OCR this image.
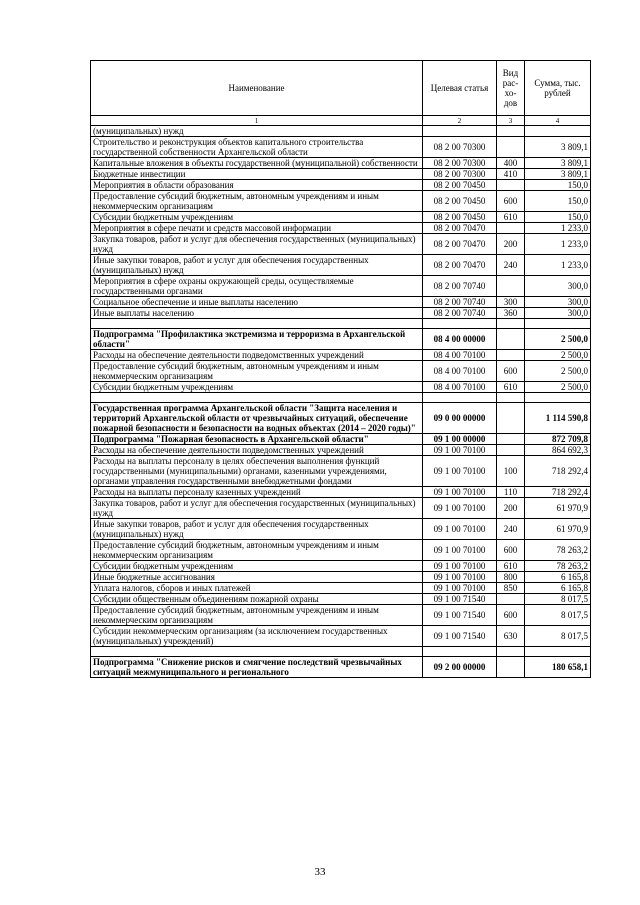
Наименование	Целевая статья	Вид рас- хо- дов	Сумма, тыс. рублей
1	2	3	4
(муниципальных) нужд			
Строительство и реконструкция объектов капитального строительства государственной собственности Архангельской области	08 2 00 70300		3 809,1
Капитальные вложения в объекты государственной (муниципальной) собственности	08 2 00 70300	400	3 809,1
Бюджетные инвестиции	08 2 00 70300	410	3 809,1
Мероприятия в области образования	08 2 00 70450		150,0
Предоставление субсидий бюджетным, автономным учреждениям и иным некоммерческим организациям	08 2 00 70450	600	150,0
Субсидии бюджетным учреждениям	08 2 00 70450	610	150,0
Мероприятия в сфере печати и средств массовой информации	08 2 00 70470		1 233,0
Закупка товаров, работ и услуг для обеспечения государственных (муниципальных) нужд	08 2 00 70470	200	1 233,0
Иные закупки товаров, работ и услуг для обеспечения государственных (муниципальных) нужд	08 2 00 70470	240	1 233,0
Мероприятия в сфере охраны окружающей среды, осуществляемые государственными органами	08 2 00 70740		300,0
Социальное обеспечение и иные выплаты населению	08 2 00 70740	300	300,0
Иные выплаты населению	08 2 00 70740	360	300,0

Подпрограмма "Профилактика экстремизма и терроризма в Архангельской области"	08 4 00 00000		2 500,0
Расходы на обеспечение деятельности подведомственных учреждений	08 4 00 70100		2 500,0
Предоставление субсидий бюджетным, автономным учреждениям и иным некоммерческим организациям	08 4 00 70100	600	2 500,0
Субсидии бюджетным учреждениям	08 4 00 70100	610	2 500,0

Государственная программа Архангельской области "Защита населения и территорий Архангельской области от чрезвычайных ситуаций, обеспечение пожарной безопасности и безопасности на водных объектах (2014 – 2020 годы)"	09 0 00 00000		1 114 590,8
Подпрограмма "Пожарная безопасность в Архангельской области"	09 1 00 00000		872 709,8
Расходы на обеспечение деятельности подведомственных учреждений	09 1 00 70100		864 692,3
Расходы на выплаты персоналу в целях обеспечения выполнения функций государственными (муниципальными) органами, казенными учреждениями, органами управления государственными внебюджетными фондами	09 1 00 70100	100	718 292,4
Расходы на выплаты персоналу казенных учреждений	09 1 00 70100	110	718 292,4
Закупка товаров, работ и услуг для обеспечения государственных (муниципальных) нужд	09 1 00 70100	200	61 970,9
Иные закупки товаров, работ и услуг для обеспечения государственных (муниципальных) нужд	09 1 00 70100	240	61 970,9
Предоставление субсидий бюджетным, автономным учреждениям и иным некоммерческим организациям	09 1 00 70100	600	78 263,2
Субсидии бюджетным учреждениям	09 1 00 70100	610	78 263,2
Иные бюджетные ассигнования	09 1 00 70100	800	6 165,8
Уплата налогов, сборов и иных платежей	09 1 00 70100	850	6 165,8
Субсидии общественным объединениям пожарной охраны	09 1 00 71540		8 017,5
Предоставление субсидий бюджетным, автономным учреждениям и иным некоммерческим организациям	09 1 00 71540	600	8 017,5
Субсидии некоммерческим организациям (за исключением государственных (муниципальных) учреждений)	09 1 00 71540	630	8 017,5

Подпрограмма "Снижение рисков и смягчение последствий чрезвычайных ситуаций межмуниципального и регионального	09 2 00 00000		180 658,1
33
